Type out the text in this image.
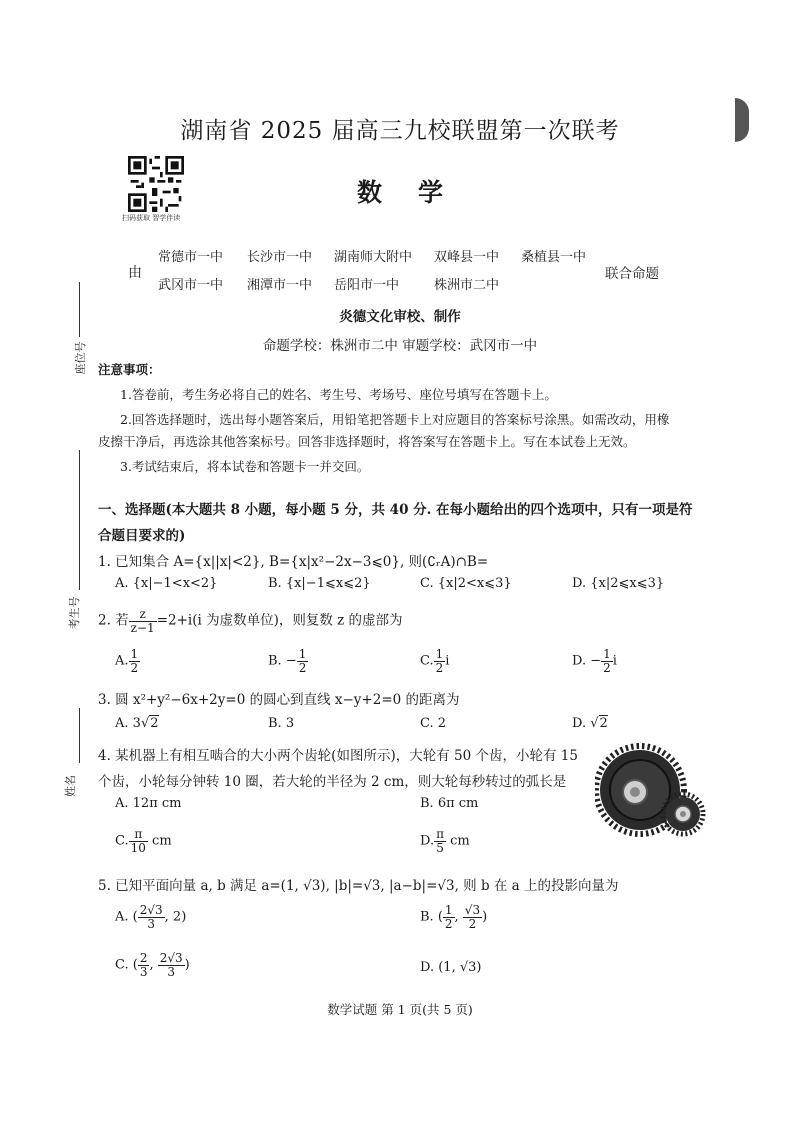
湖南省 2025 届高三九校联盟第一次联考
数学
扫码获取 智学伴读
由
常德市一中 长沙市一中 湖南师大附中 双峰县一中 桑植县一中
武冈市一中 湘潭市一中 岳阳市一中	株洲市二中
联合命题
炎德文化审校、制作
命题学校：株洲市二中 审题学校：武冈市一中
座位号
考生号
姓名
注意事项：
1.答卷前，考生务必将自己的姓名、考生号、考场号、座位号填写在答题卡上。
2.回答选择题时，选出每小题答案后，用铅笔把答题卡上对应题目的答案标号涂黑。如需改动，用橡
皮擦干净后，再选涂其他答案标号。回答非选择题时，将答案写在答题卡上。写在本试卷上无效。
3.考试结束后，将本试卷和答题卡一并交回。
一、选择题(本大题共 8 小题，每小题 5 分，共 40 分. 在每小题给出的四个选项中，只有一项是符
合题目要求的)
1. 已知集合 A={x||x|<2}, B={x|x²−2x−3⩽0}, 则(∁ᵣA)∩B=
A. {x|−1<x<2}	B. {x|−1⩽x⩽2}	C. {x|2<x⩽3}	D. {x|2⩽x⩽3}
2. 若 $\frac{z}{z-1} =2+i(i$ 为虚数单位)，则复数 z 的虚部为
A. $\frac{1}{2}$	B. − $\frac{1}{2}$	C. $\frac{1}{2}$ i	D. − $\frac{1}{2}$ i
3. 圆 x²+y²−6x+2y=0 的圆心到直线 x−y+2=0 的距离为
A. 3√2	B. 3	C. 2	D. √2
4. 某机器上有相互啮合的大小两个齿轮(如图所示)，大轮有 50 个齿，小轮有 15
个齿，小轮每分钟转 10 圈，若大轮的半径为 2 cm，则大轮每秒转过的弧长是
A. 12π cm	B. 6π cm
C. $\frac{\pi}{10}$ cm	D. $\frac{\pi}{5}$ cm
5. 已知平面向量 a, b 满足 a=(1, √3), |b|=√3, |a−b|=√3, 则 b 在 a 上的投影向量为
A. ( $\frac{2√3}{3}$ , 2)	B. ( $\frac{1}{2}$ , $\frac{√3}{2}$ )
C. ( $\frac{2}{3}$ , $\frac{2√3}{3}$ )	D. (1, √3)
数学试题 第 1 页(共 5 页)
